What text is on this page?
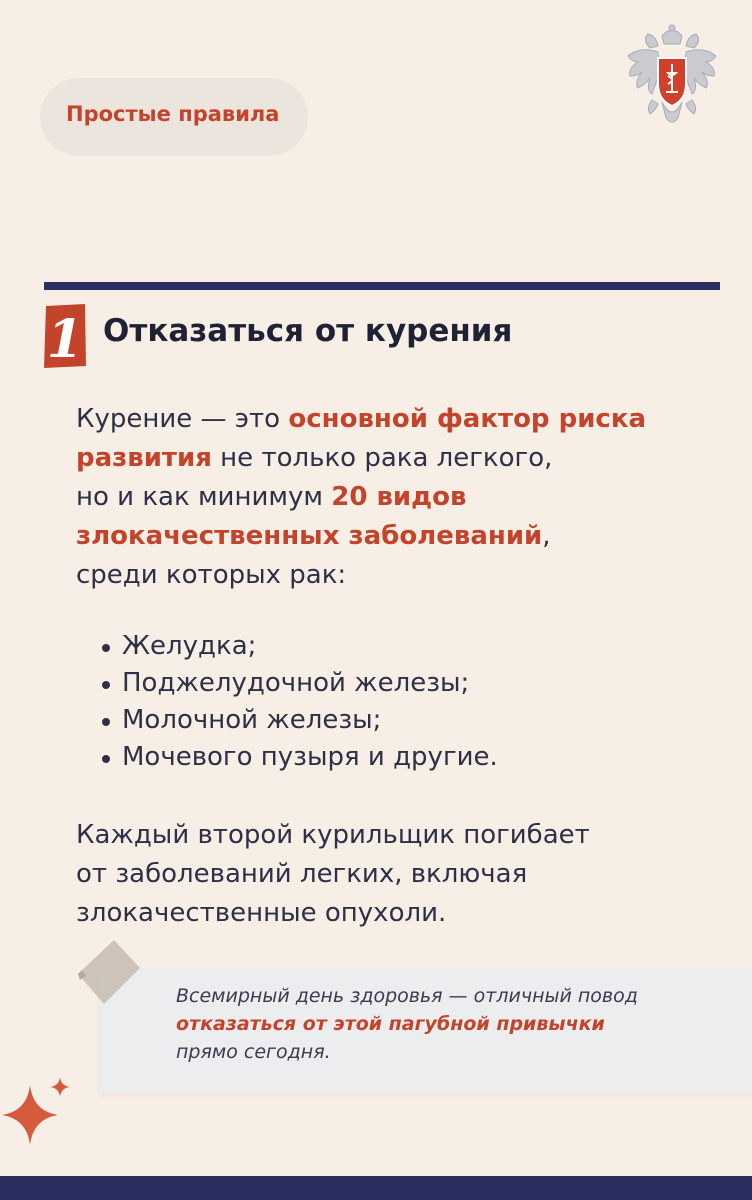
Простые правила
1 Отказаться от курения
Курение — это основной фактор риска
развития не только рака легкого,
но и как минимум 20 видов
злокачественных заболеваний,
среди которых рак:
Желудка;
Поджелудочной железы;
Молочной железы;
Мочевого пузыря и другие.
Каждый второй курильщик погибает
от заболеваний легких, включая
злокачественные опухоли.
Всемирный день здоровья — отличный повод
отказаться от этой пагубной привычки
прямо сегодня.
